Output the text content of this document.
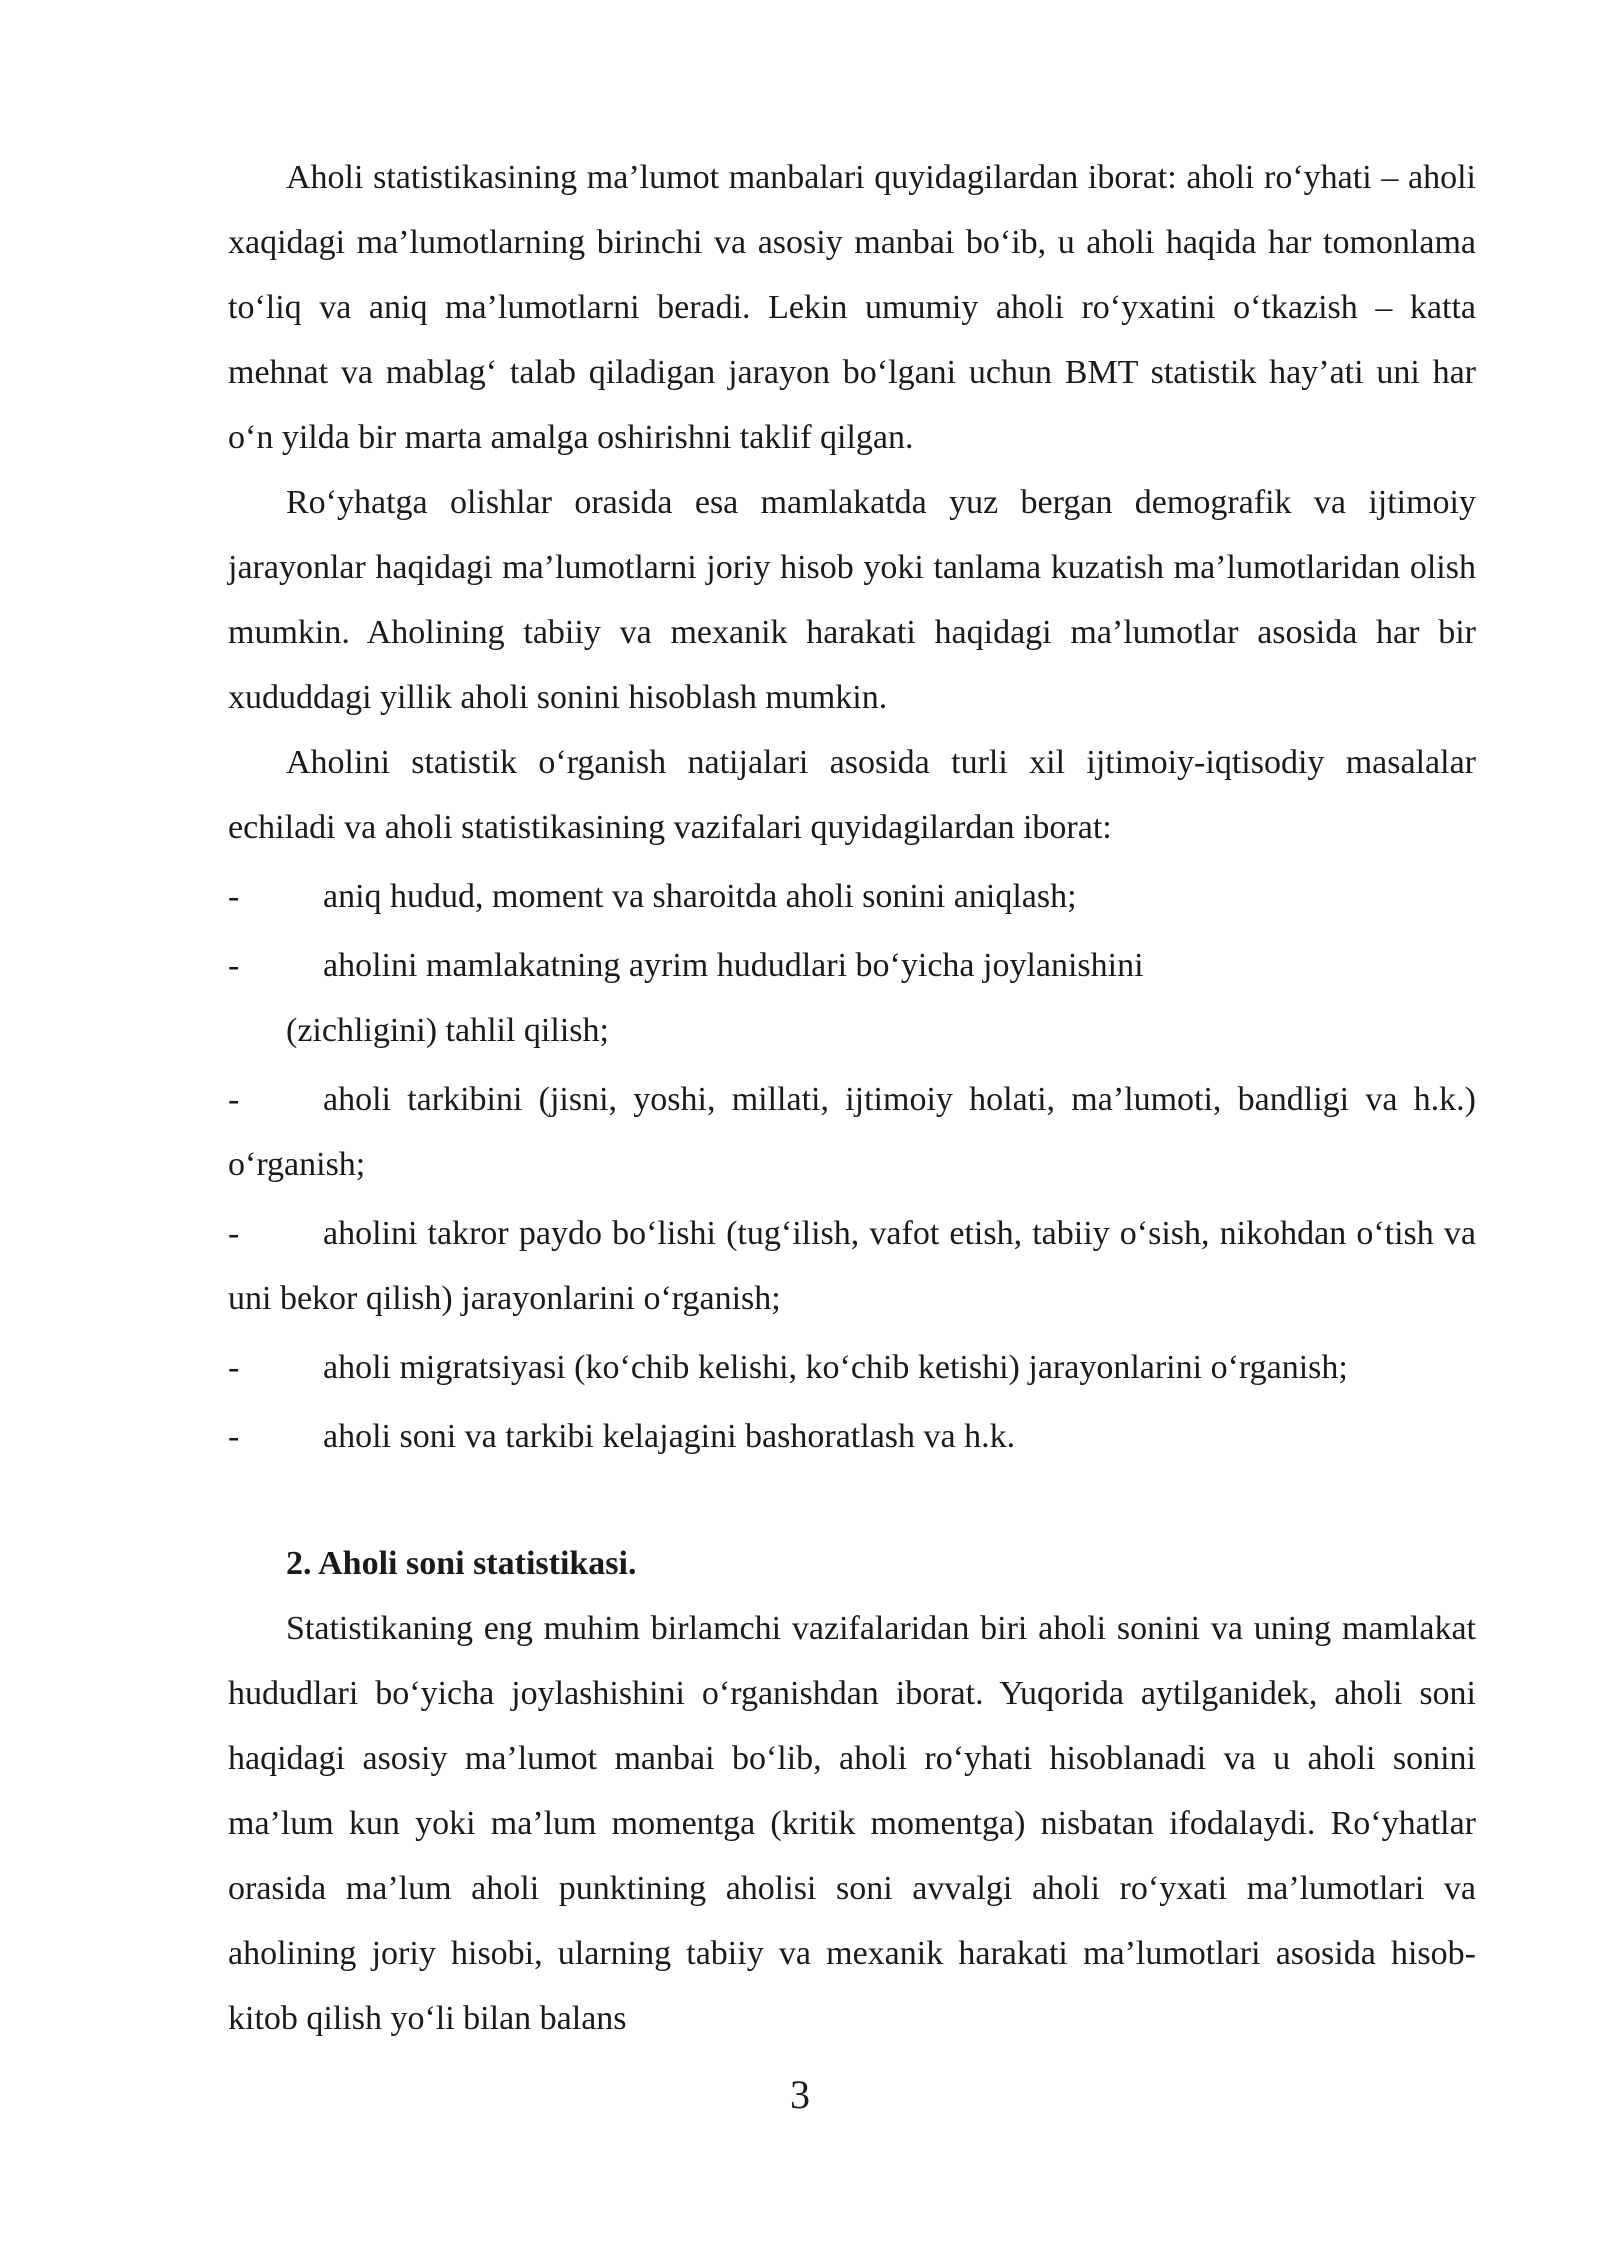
Aholi statistikasining ma’lumot manbalari quyidagilardan iborat: aholi ro‘yhati – aholi xaqidagi ma’lumotlarning birinchi va asosiy manbai bo‘ib, u aholi haqida har tomonlama to‘liq va aniq ma’lumotlarni beradi. Lekin umumiy aholi ro‘yxatini o‘tkazish – katta mehnat va mablag‘ talab qiladigan jarayon bo‘lgani uchun BMT statistik hay’ati uni har o‘n yilda bir marta amalga oshirishni taklif qilgan.

Ro‘yhatga olishlar orasida esa mamlakatda yuz bergan demografik va ijtimoiy jarayonlar haqidagi ma’lumotlarni joriy hisob yoki tanlama kuzatish ma’lumotlaridan olish mumkin. Aholining tabiiy va mexanik harakati haqidagi ma’lumotlar asosida har bir xududdagi yillik aholi sonini hisoblash mumkin.

Aholini statistik o‘rganish natijalari asosida turli xil ijtimoiy-iqtisodiy masalalar echiladi va aholi statistikasining vazifalari quyidagilardan iborat:

- aniq hudud, moment va sharoitda aholi sonini aniqlash;

- aholini mamlakatning ayrim hududlari bo‘yicha joylanishini

(zichligini) tahlil qilish;

- aholi tarkibini (jisni, yoshi, millati, ijtimoiy holati, ma’lumoti, bandligi va h.k.) o‘rganish;

- aholini takror paydo bo‘lishi (tug‘ilish, vafot etish, tabiiy o‘sish, nikohdan o‘tish va uni bekor qilish) jarayonlarini o‘rganish;

- aholi migratsiyasi (ko‘chib kelishi, ko‘chib ketishi) jarayonlarini o‘rganish;

- aholi soni va tarkibi kelajagini bashoratlash va h.k.

2. Aholi soni statistikasi.

Statistikaning eng muhim birlamchi vazifalaridan biri aholi sonini va uning mamlakat hududlari bo‘yicha joylashishini o‘rganishdan iborat. Yuqorida aytilganidek, aholi soni haqidagi asosiy ma’lumot manbai bo‘lib, aholi ro‘yhati hisoblanadi va u aholi sonini ma’lum kun yoki ma’lum momentga (kritik momentga) nisbatan ifodalaydi. Ro‘yhatlar orasida ma’lum aholi punktining aholisi soni avvalgi aholi ro‘yxati ma’lumotlari va aholining joriy hisobi, ularning tabiiy va mexanik harakati ma’lumotlari asosida hisob-kitob qilish yo‘li bilan balans

3
